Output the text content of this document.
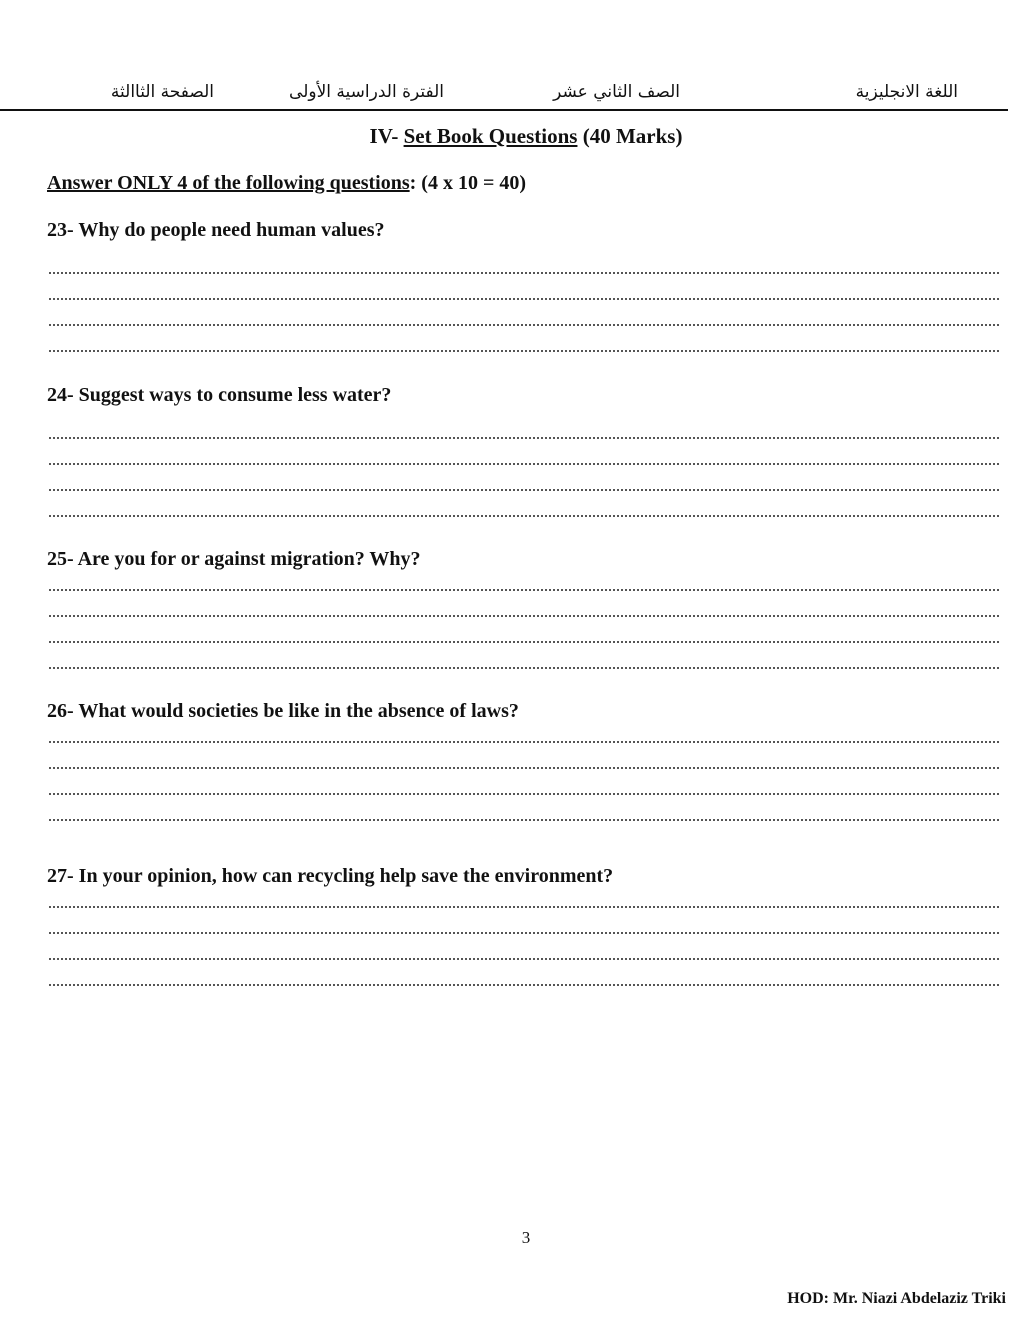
اللغة الانجليزية
الصف الثاني عشر
الفترة الدراسية الأولى
الصفحة الثاالثة
IV- Set Book Questions (40 Marks)
Answer ONLY 4 of the following questions: (4 x 10 = 40)
23- Why do people need human values?
24- Suggest ways to consume less water?
25- Are you for or against migration? Why?
26- What would societies be like in the absence of laws?
27- In your opinion, how can recycling help save the environment?
3
HOD: Mr. Niazi Abdelaziz Triki
